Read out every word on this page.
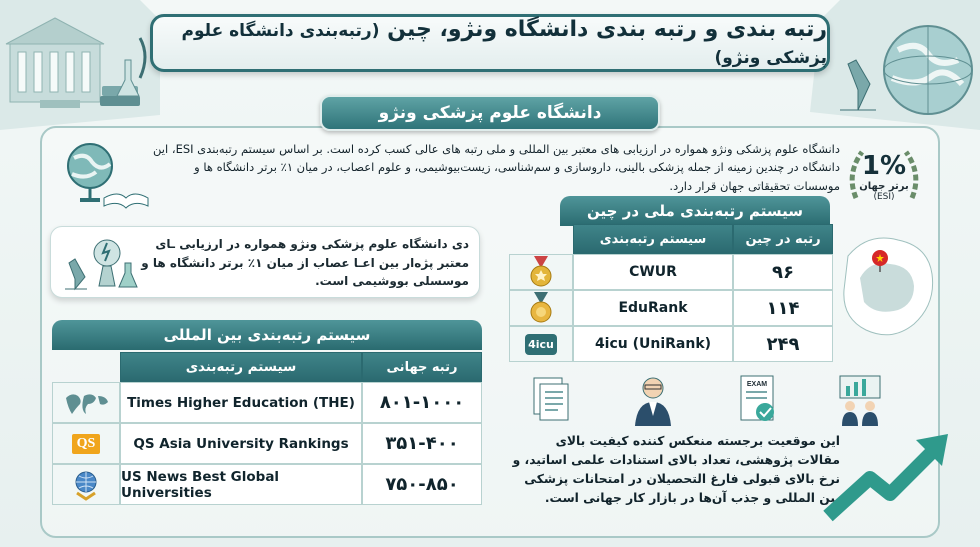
رتبه بندی و رتبه بندی دانشگاه ونژو، چین (رتبه‌بندی دانشگاه علوم پزشکی ونژو)
دانشگاه علوم پزشکی ونژو
دانشگاه علوم پزشکی ونژو همواره در ارزیابی های معتبر بین المللی و ملی رتبه های عالی کسب کرده است. بر اساس سیستم رتبه‌بندی ESI، این دانشگاه در چندین زمینه از جمله پزشکی بالینی، داروسازی و سم‌شناسی، زیست‌بیوشیمی، و علوم اعصاب، در میان ۱٪ برتر دانشگاه ها و موسسات تحقیقاتی جهان قرار دارد.
1%
برتر جهان
(ESI)
دی دانشگاه علوم پزشکی ونژو همواره در ارزیابی ‌ـای معتبر پژه‌ار بین اعـا عصاب از میان ۱٪ برتر دانشگاه ها و موسسلی بووشیمی است.
سیستم رتبه‌بندی ملی در چین
رتبه در چین
سیستم رتبه‌بندی
۹۶
CWUR
۱۱۴
EduRank
۲۴۹
4icu (UniRank)
4icu
سیستم رتبه‌بندی بین المللی
رتبه جهانی
سیستم رتبه‌بندی
۸۰۱-۱۰۰۰
Times Higher Education (THE)
۳۵۱-۴۰۰
QS Asia University Rankings
QS
۷۵۰-۸۵۰
US News Best Global Universities
EXAM
این موقعیت برجسته منعکس کننده کیفیت بالای مقالات پژوهشی، تعداد بالای استنادات علمی اساتید، و نرخ بالای قبولی فارغ التحصیلان در امتحانات پزشکی بین المللی و جذب آن‌ها در بازار کار جهانی است.
